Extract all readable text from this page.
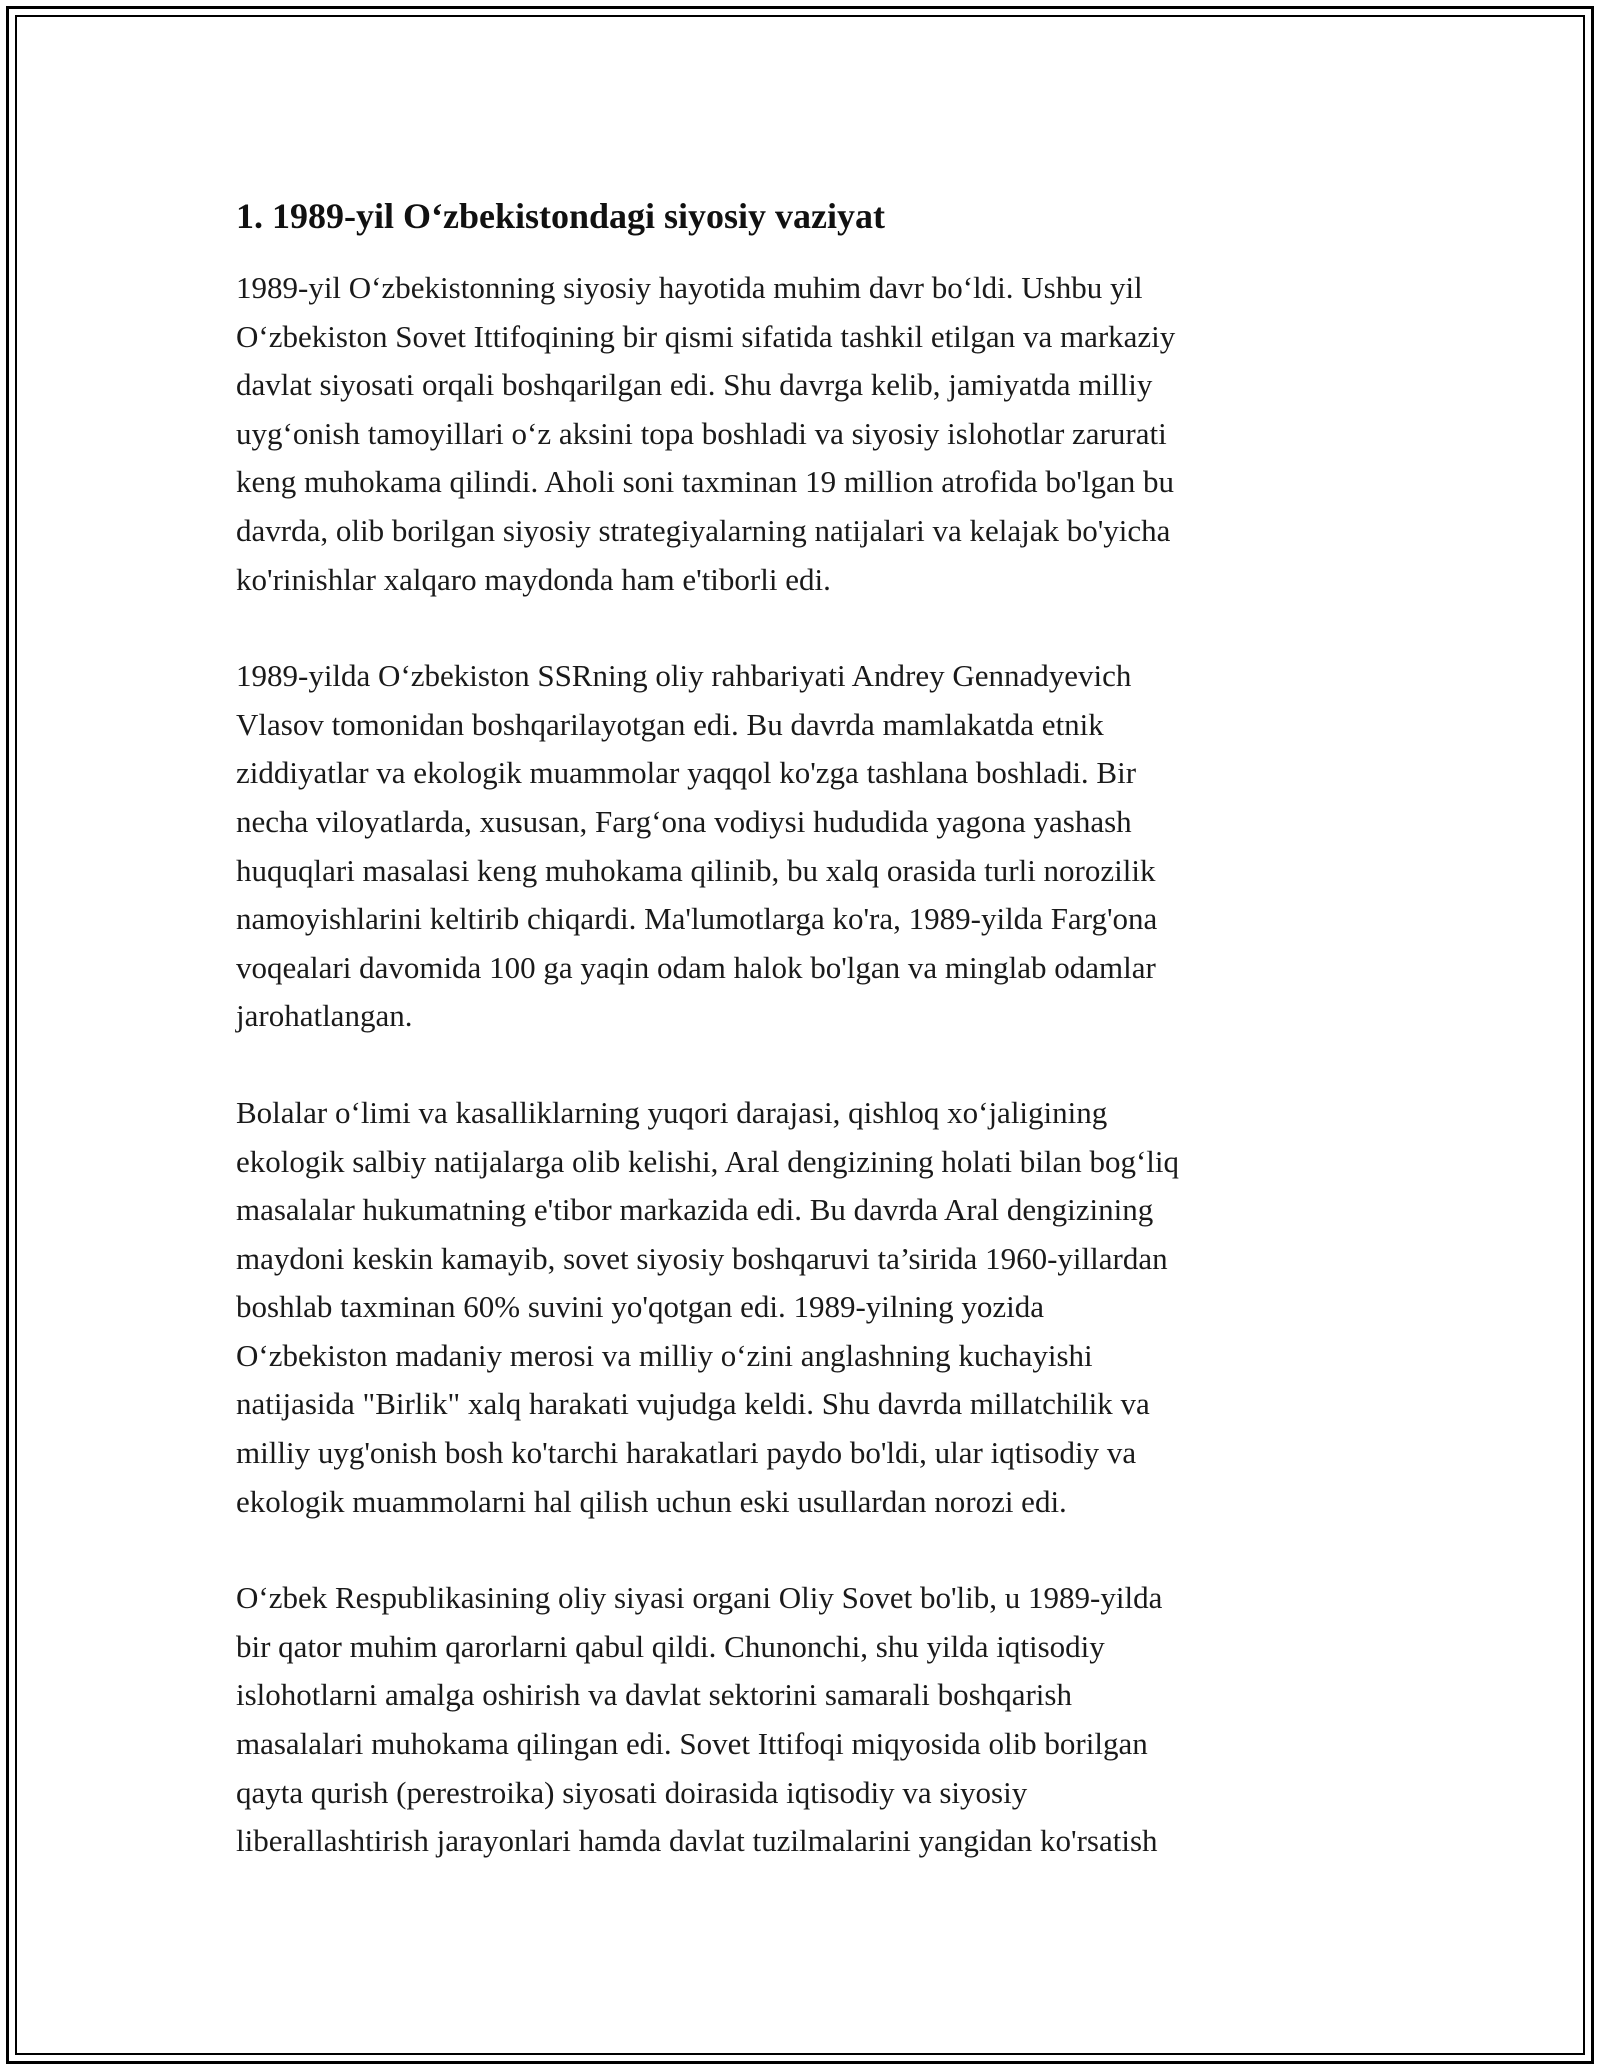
1. 1989-yil O‘zbekistondagi siyosiy vaziyat
1989-yil O‘zbekistonning siyosiy hayotida muhim davr bo‘ldi. Ushbu yil
O‘zbekiston Sovet Ittifoqining bir qismi sifatida tashkil etilgan va markaziy
davlat siyosati orqali boshqarilgan edi. Shu davrga kelib, jamiyatda milliy
uyg‘onish tamoyillari o‘z aksini topa boshladi va siyosiy islohotlar zarurati
keng muhokama qilindi. Aholi soni taxminan 19 million atrofida bo'lgan bu
davrda, olib borilgan siyosiy strategiyalarning natijalari va kelajak bo'yicha
ko'rinishlar xalqaro maydonda ham e'tiborli edi.
1989-yilda O‘zbekiston SSRning oliy rahbariyati Andrey Gennadyevich
Vlasov tomonidan boshqarilayotgan edi. Bu davrda mamlakatda etnik
ziddiyatlar va ekologik muammolar yaqqol ko'zga tashlana boshladi. Bir
necha viloyatlarda, xususan, Farg‘ona vodiysi hududida yagona yashash
huquqlari masalasi keng muhokama qilinib, bu xalq orasida turli norozilik
namoyishlarini keltirib chiqardi. Ma'lumotlarga ko'ra, 1989-yilda Farg'ona
voqealari davomida 100 ga yaqin odam halok bo'lgan va minglab odamlar
jarohatlangan.
Bolalar o‘limi va kasalliklarning yuqori darajasi, qishloq xo‘jaligining
ekologik salbiy natijalarga olib kelishi, Aral dengizining holati bilan bog‘liq
masalalar hukumatning e'tibor markazida edi. Bu davrda Aral dengizining
maydoni keskin kamayib, sovet siyosiy boshqaruvi ta’sirida 1960-yillardan
boshlab taxminan 60% suvini yo'qotgan edi. 1989-yilning yozida
O‘zbekiston madaniy merosi va milliy o‘zini anglashning kuchayishi
natijasida "Birlik" xalq harakati vujudga keldi. Shu davrda millatchilik va
milliy uyg'onish bosh ko'tarchi harakatlari paydo bo'ldi, ular iqtisodiy va
ekologik muammolarni hal qilish uchun eski usullardan norozi edi.
O‘zbek Respublikasining oliy siyasi organi Oliy Sovet bo'lib, u 1989-yilda
bir qator muhim qarorlarni qabul qildi. Chunonchi, shu yilda iqtisodiy
islohotlarni amalga oshirish va davlat sektorini samarali boshqarish
masalalari muhokama qilingan edi. Sovet Ittifoqi miqyosida olib borilgan
qayta qurish (perestroika) siyosati doirasida iqtisodiy va siyosiy
liberallashtirish jarayonlari hamda davlat tuzilmalarini yangidan ko'rsatish
